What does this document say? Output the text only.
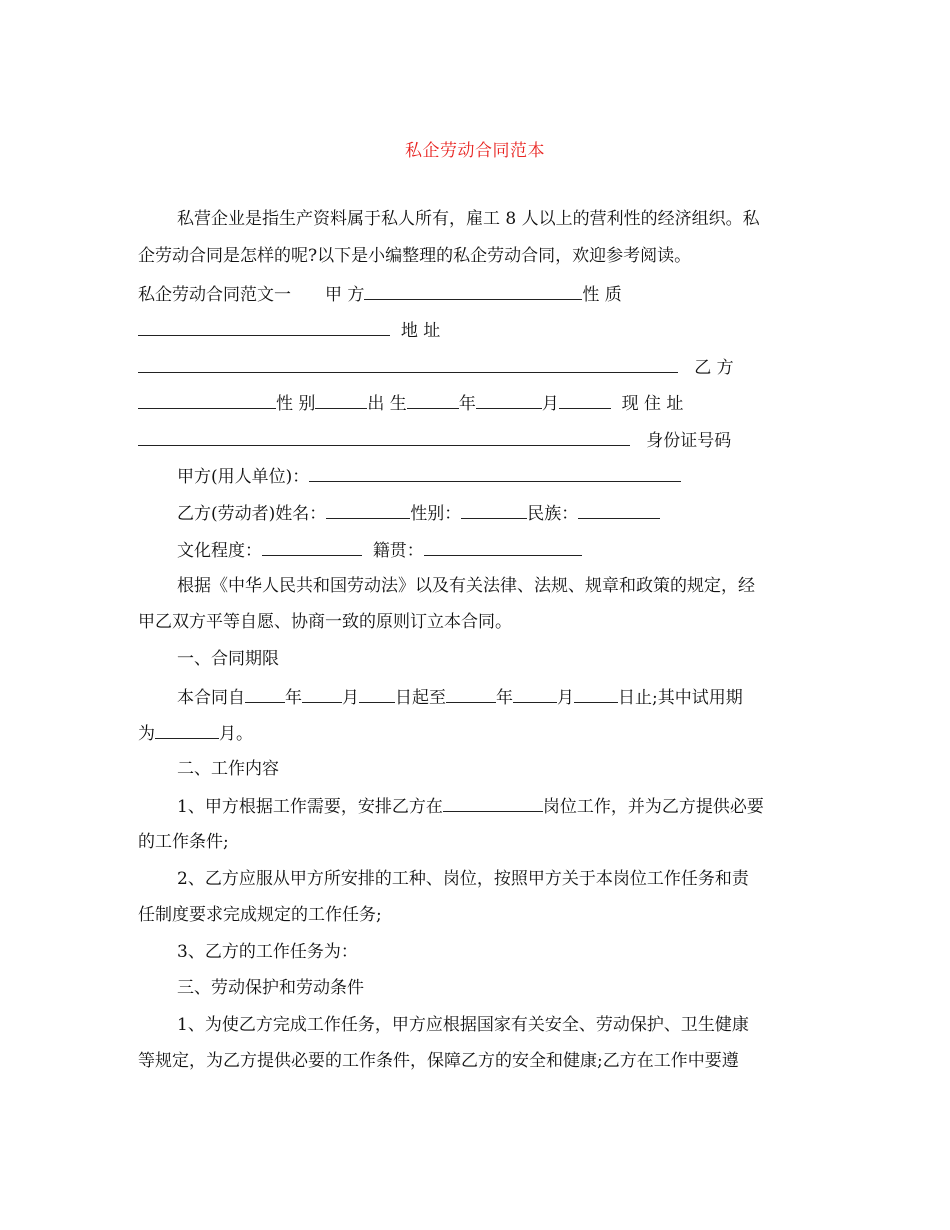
私企劳动合同范本
私营企业是指生产资料属于私人所有，雇工 8 人以上的营利性的经济组织。私
企劳动合同是怎样的呢?以下是小编整理的私企劳动合同，欢迎参考阅读。
私企劳动合同范文一 甲 方	性 质
地 址
乙 方
性 别	出 生	年	月	现 住 址
身份证号码
甲方(用人单位)：
乙方(劳动者)姓名：	性别：	民族：
文化程度：	籍贯：
根据《中华人民共和国劳动法》以及有关法律、法规、规章和政策的规定，经
甲乙双方平等自愿、协商一致的原则订立本合同。
一、合同期限
本合同自 年 月 日起至	年	月	日止;其中试用期
为	月。
二、工作内容
1、甲方根据工作需要，安排乙方在	岗位工作，并为乙方提供必要
的工作条件;
2、乙方应服从甲方所安排的工种、岗位，按照甲方关于本岗位工作任务和责
任制度要求完成规定的工作任务;
3、乙方的工作任务为：
三、劳动保护和劳动条件
1、为使乙方完成工作任务，甲方应根据国家有关安全、劳动保护、卫生健康
等规定，为乙方提供必要的工作条件，保障乙方的安全和健康;乙方在工作中要遵
